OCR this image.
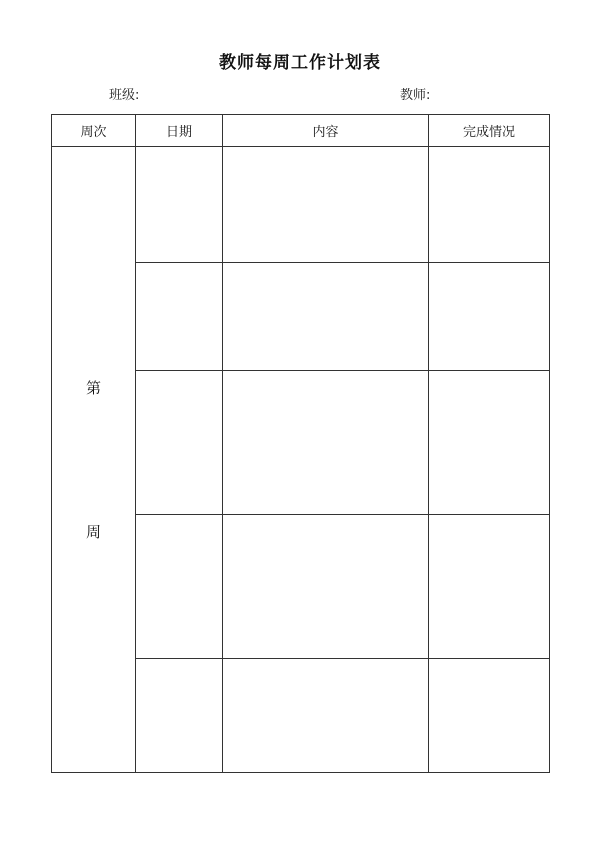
教师每周工作计划表
班级:	教师:
周次	日期	内容	完成情况

第
周			
